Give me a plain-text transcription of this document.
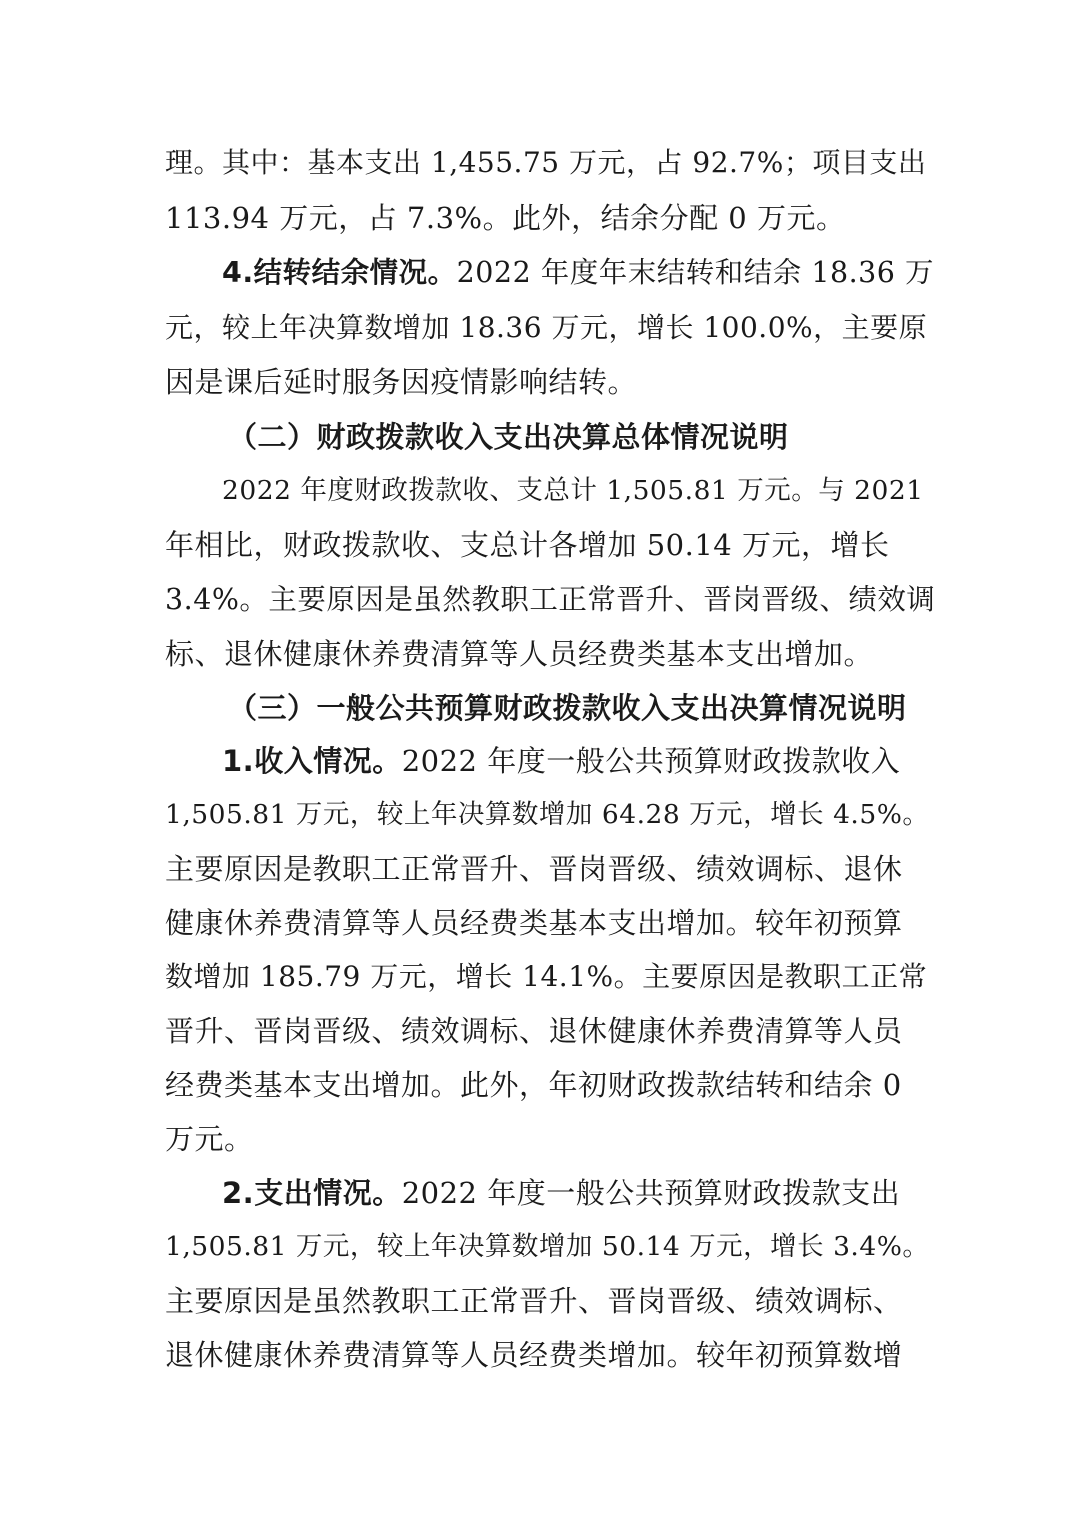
理。其中：基本支出 1,455.75 万元，占 92.7%；项目支出
113.94 万元，占 7.3%。此外，结余分配 0 万元。
4.结转结余情况。2022 年度年末结转和结余 18.36 万
元，较上年决算数增加 18.36 万元，增长 100.0%，主要原
因是课后延时服务因疫情影响结转。
（二）财政拨款收入支出决算总体情况说明
2022 年度财政拨款收、支总计 1,505.81 万元。与 2021
年相比，财政拨款收、支总计各增加 50.14 万元，增长
3.4%。主要原因是虽然教职工正常晋升、晋岗晋级、绩效调
标、退休健康休养费清算等人员经费类基本支出增加。
（三）一般公共预算财政拨款收入支出决算情况说明
1.收入情况。2022 年度一般公共预算财政拨款收入
1,505.81 万元，较上年决算数增加 64.28 万元，增长 4.5%。
主要原因是教职工正常晋升、晋岗晋级、绩效调标、退休
健康休养费清算等人员经费类基本支出增加。较年初预算
数增加 185.79 万元，增长 14.1%。主要原因是教职工正常
晋升、晋岗晋级、绩效调标、退休健康休养费清算等人员
经费类基本支出增加。此外，年初财政拨款结转和结余 0
万元。
2.支出情况。2022 年度一般公共预算财政拨款支出
1,505.81 万元，较上年决算数增加 50.14 万元，增长 3.4%。
主要原因是虽然教职工正常晋升、晋岗晋级、绩效调标、
退休健康休养费清算等人员经费类增加。较年初预算数增
